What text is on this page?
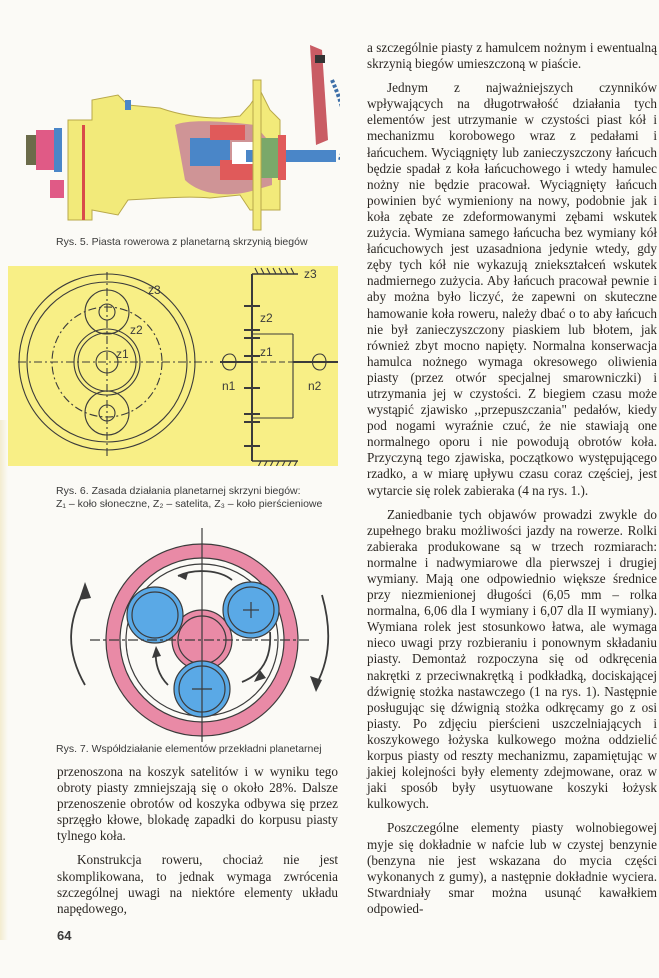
Rys. 5. Piasta rowerowa z planetarną skrzynią biegów
z3
z2
z1
z3
z2
z1
n1	n2
Rys. 6. Zasada działania planetarnej skrzyni biegów:
Z₁ – koło słoneczne, Z₂ – satelita, Z₃ – koło pierścieniowe
Rys. 7. Współdziałanie elementów przekładni planetarnej

przenoszona na koszyk satelitów i w wyniku tego obroty piasty zmniejszają się o około 28%. Dalsze przenoszenie obrotów od koszyka odbywa się przez sprzęgło kłowe, blokadę zapadki do korpusu piasty tylnego koła.

Konstrukcja roweru, chociaż nie jest skomplikowana, to jednak wymaga zwrócenia szczególnej uwagi na niektóre elementy układu napędowego,

a szczególnie piasty z hamulcem nożnym i ewentualną skrzynią biegów umieszczoną w piaście.

Jednym z najważniejszych czynników wpływających na długotrwałość działania tych elementów jest utrzymanie w czystości piast kół i mechanizmu korobowego wraz z pedałami i łańcuchem. Wyciągnięty lub zanieczyszczony łańcuch będzie spadał z koła łańcuchowego i wtedy hamulec nożny nie będzie pracował. Wyciągnięty łańcuch powinien być wymieniony na nowy, podobnie jak i koła zębate ze zdeformowanymi zębami wskutek zużycia. Wymiana samego łańcucha bez wymiany kół łańcuchowych jest uzasadniona jedynie wtedy, gdy zęby tych kół nie wykazują zniekształceń wskutek nadmiernego zużycia. Aby łańcuch pracował pewnie i aby można było liczyć, że zapewni on skuteczne hamowanie koła roweru, należy dbać o to aby łańcuch nie był zanieczyszczony piaskiem lub błotem, jak również zbyt mocno napięty. Normalna konserwacja hamulca nożnego wymaga okresowego oliwienia piasty (przez otwór specjalnej smarowniczki) i utrzymania jej w czystości. Z biegiem czasu może wystąpić zjawisko ,,przepuszczania" pedałów, kiedy pod nogami wyraźnie czuć, że nie stawiają one normalnego oporu i nie powodują obrotów koła. Przyczyną tego zjawiska, początkowo występującego rzadko, a w miarę upływu czasu coraz częściej, jest wytarcie się rolek zabieraka (4 na rys. 1.).

Zaniedbanie tych objawów prowadzi zwykle do zupełnego braku możliwości jazdy na rowerze. Rolki zabieraka produkowane są w trzech rozmiarach: normalne i nadwymiarowe dla pierwszej i drugiej wymiany. Mają one odpowiednio większe średnice przy niezmienionej długości (6,05 mm – rolka normalna, 6,06 dla I wymiany i 6,07 dla II wymiany). Wymiana rolek jest stosunkowo łatwa, ale wymaga nieco uwagi przy rozbieraniu i ponownym składaniu piasty. Demontaż rozpoczyna się od odkręcenia nakrętki z przeciwnakrętką i podkładką, dociskającej dźwignię stożka nastawczego (1 na rys. 1). Następnie posługując się dźwignią stożka odkręcamy go z osi piasty. Po zdjęciu pierścieni uszczelniających i koszykowego łożyska kulkowego można oddzielić korpus piasty od reszty mechanizmu, zapamiętując w jakiej kolejności były elementy zdejmowane, oraz w jaki sposób były usytuowane koszyki łożysk kulkowych.

Poszczególne elementy piasty wolnobiegowej myje się dokładnie w nafcie lub w czystej benzynie (benzyna nie jest wskazana do mycia części wykonanych z gumy), a następnie dokładnie wyciera. Stwardniały smar można usunąć kawałkiem odpowied-

64
